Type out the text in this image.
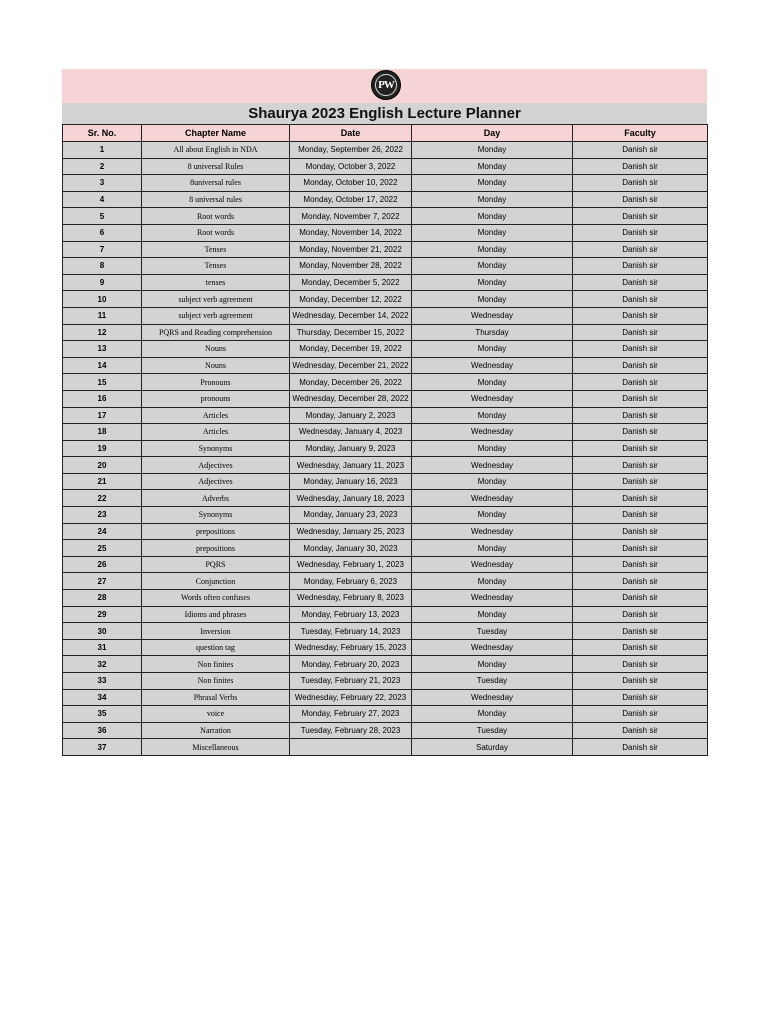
PW
Shaurya 2023 English Lecture Planner
Sr. No.	Chapter Name	Date	Day	Faculty
1	All about English in NDA	Monday, September 26, 2022	Monday	Danish sir
2	8 universal Rules	Monday, October 3, 2022	Monday	Danish sir
3	8universal rules	Monday, October 10, 2022	Monday	Danish sir
4	8 universal rules	Monday, October 17, 2022	Monday	Danish sir
5	Root words	Monday, November 7, 2022	Monday	Danish sir
6	Root words	Monday, November 14, 2022	Monday	Danish sir
7	Tenses	Monday, November 21, 2022	Monday	Danish sir
8	Tenses	Monday, November 28, 2022	Monday	Danish sir
9	tenses	Monday, December 5, 2022	Monday	Danish sir
10	subject verb agreement	Monday, December 12, 2022	Monday	Danish sir
11	subject verb agreement	Wednesday, December 14, 2022	Wednesday	Danish sir
12	PQRS and Reading comprehension	Thursday, December 15, 2022	Thursday	Danish sir
13	Nouns	Monday, December 19, 2022	Monday	Danish sir
14	Nouns	Wednesday, December 21, 2022	Wednesday	Danish sir
15	Pronouns	Monday, December 26, 2022	Monday	Danish sir
16	pronouns	Wednesday, December 28, 2022	Wednesday	Danish sir
17	Articles	Monday, January 2, 2023	Monday	Danish sir
18	Articles	Wednesday, January 4, 2023	Wednesday	Danish sir
19	Synonyms	Monday, January 9, 2023	Monday	Danish sir
20	Adjectives	Wednesday, January 11, 2023	Wednesday	Danish sir
21	Adjectives	Monday, January 16, 2023	Monday	Danish sir
22	Adverbs	Wednesday, January 18, 2023	Wednesday	Danish sir
23	Synonyms	Monday, January 23, 2023	Monday	Danish sir
24	prepositions	Wednesday, January 25, 2023	Wednesday	Danish sir
25	prepositions	Monday, January 30, 2023	Monday	Danish sir
26	PQRS	Wednesday, February 1, 2023	Wednesday	Danish sir
27	Conjunction	Monday, February 6, 2023	Monday	Danish sir
28	Words often confuses	Wednesday, February 8, 2023	Wednesday	Danish sir
29	Idioms and phrases	Monday, February 13, 2023	Monday	Danish sir
30	Inversion	Tuesday, February 14, 2023	Tuesday	Danish sir
31	question tag	Wednesday, February 15, 2023	Wednesday	Danish sir
32	Non finites	Monday, February 20, 2023	Monday	Danish sir
33	Non finites	Tuesday, February 21, 2023	Tuesday	Danish sir
34	Phrasal Verbs	Wednesday, February 22, 2023	Wednesday	Danish sir
35	voice	Monday, February 27, 2023	Monday	Danish sir
36	Narration	Tuesday, February 28, 2023	Tuesday	Danish sir
37	Miscellaneous		Saturday	Danish sir
